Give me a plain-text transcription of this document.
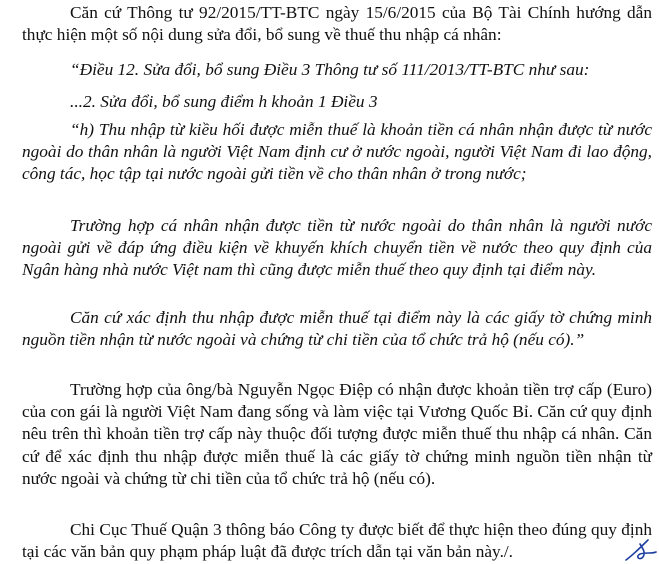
Căn cứ Thông tư 92/2015/TT-BTC ngày 15/6/2015 của Bộ Tài Chính hướng dẫn thực hiện một số nội dung sửa đổi, bổ sung về thuế thu nhập cá nhân:

“Điều 12. Sửa đổi, bổ sung Điều 3 Thông tư số 111/2013/TT-BTC như sau:

...2. Sửa đổi, bổ sung điểm h khoản 1 Điều 3

“h) Thu nhập từ kiều hối được miễn thuế là khoản tiền cá nhân nhận được từ nước ngoài do thân nhân là người Việt Nam định cư ở nước ngoài, người Việt Nam đi lao động, công tác, học tập tại nước ngoài gửi tiền về cho thân nhân ở trong nước;

Trường hợp cá nhân nhận được tiền từ nước ngoài do thân nhân là người nước ngoài gửi về đáp ứng điều kiện về khuyến khích chuyển tiền về nước theo quy định của Ngân hàng nhà nước Việt nam thì cũng được miễn thuế theo quy định tại điểm này.

Căn cứ xác định thu nhập được miễn thuế tại điểm này là các giấy tờ chứng minh nguồn tiền nhận từ nước ngoài và chứng từ chi tiền của tổ chức trả hộ (nếu có).”

Trường hợp của ông/bà Nguyễn Ngọc Điệp có nhận được khoản tiền trợ cấp (Euro) của con gái là người Việt Nam đang sống và làm việc tại Vương Quốc Bỉ. Căn cứ quy định nêu trên thì khoản tiền trợ cấp này thuộc đối tượng được miễn thuế thu nhập cá nhân. Căn cứ để xác định thu nhập được miễn thuế là các giấy tờ chứng minh nguồn tiền nhận từ nước ngoài và chứng từ chi tiền của tổ chức trả hộ (nếu có).

Chi Cục Thuế Quận 3 thông báo Công ty được biết để thực hiện theo đúng quy định tại các văn bản quy phạm pháp luật đã được trích dẫn tại văn bản này./.
